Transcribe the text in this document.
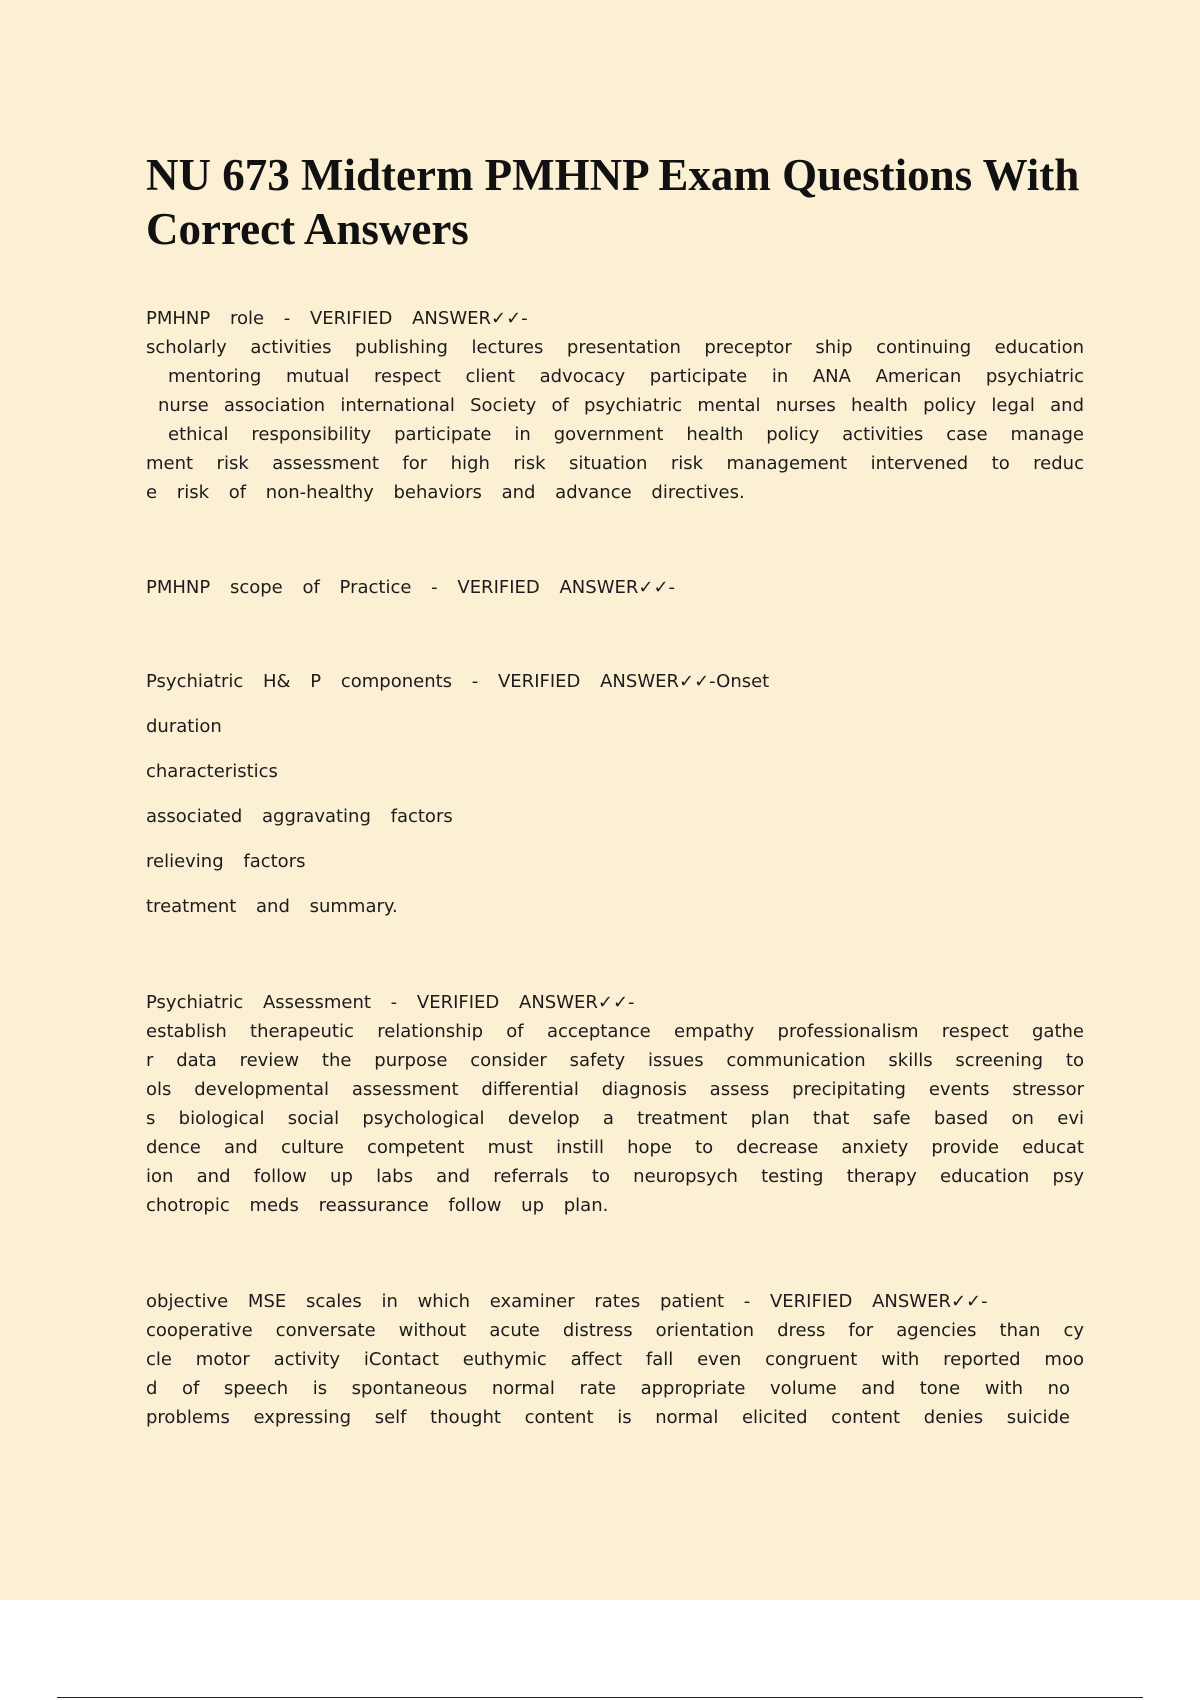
NU 673 Midterm PMHNP Exam Questions With Correct Answers
PMHNP role - VERIFIED ANSWER✓✓-
scholarly activities publishing lectures presentation preceptor ship continuing education
mentoring mutual respect client advocacy participate in ANA American psychiatric
nurse association international Society of psychiatric mental nurses health policy legal and
ethical responsibility participate in government health policy activities case manage
ment risk assessment for high risk situation risk management intervened to reduc
e risk of non-healthy behaviors and advance directives.
PMHNP scope of Practice - VERIFIED ANSWER✓✓-
Psychiatric H& P components - VERIFIED ANSWER✓✓-Onset
duration
characteristics
associated aggravating factors
relieving factors
treatment and summary.
Psychiatric Assessment - VERIFIED ANSWER✓✓-
establish therapeutic relationship of acceptance empathy professionalism respect gathe
r data review the purpose consider safety issues communication skills screening to
ols developmental assessment differential diagnosis assess precipitating events stressor
s biological social psychological develop a treatment plan that safe based on evi
dence and culture competent must instill hope to decrease anxiety provide educat
ion and follow up labs and referrals to neuropsych testing therapy education psy
chotropic meds reassurance follow up plan.
objective MSE scales in which examiner rates patient - VERIFIED ANSWER✓✓-
cooperative conversate without acute distress orientation dress for agencies than cy
cle motor activity iContact euthymic affect fall even congruent with reported moo
d of speech is spontaneous normal rate appropriate volume and tone with no
problems expressing self thought content is normal elicited content denies suicide
